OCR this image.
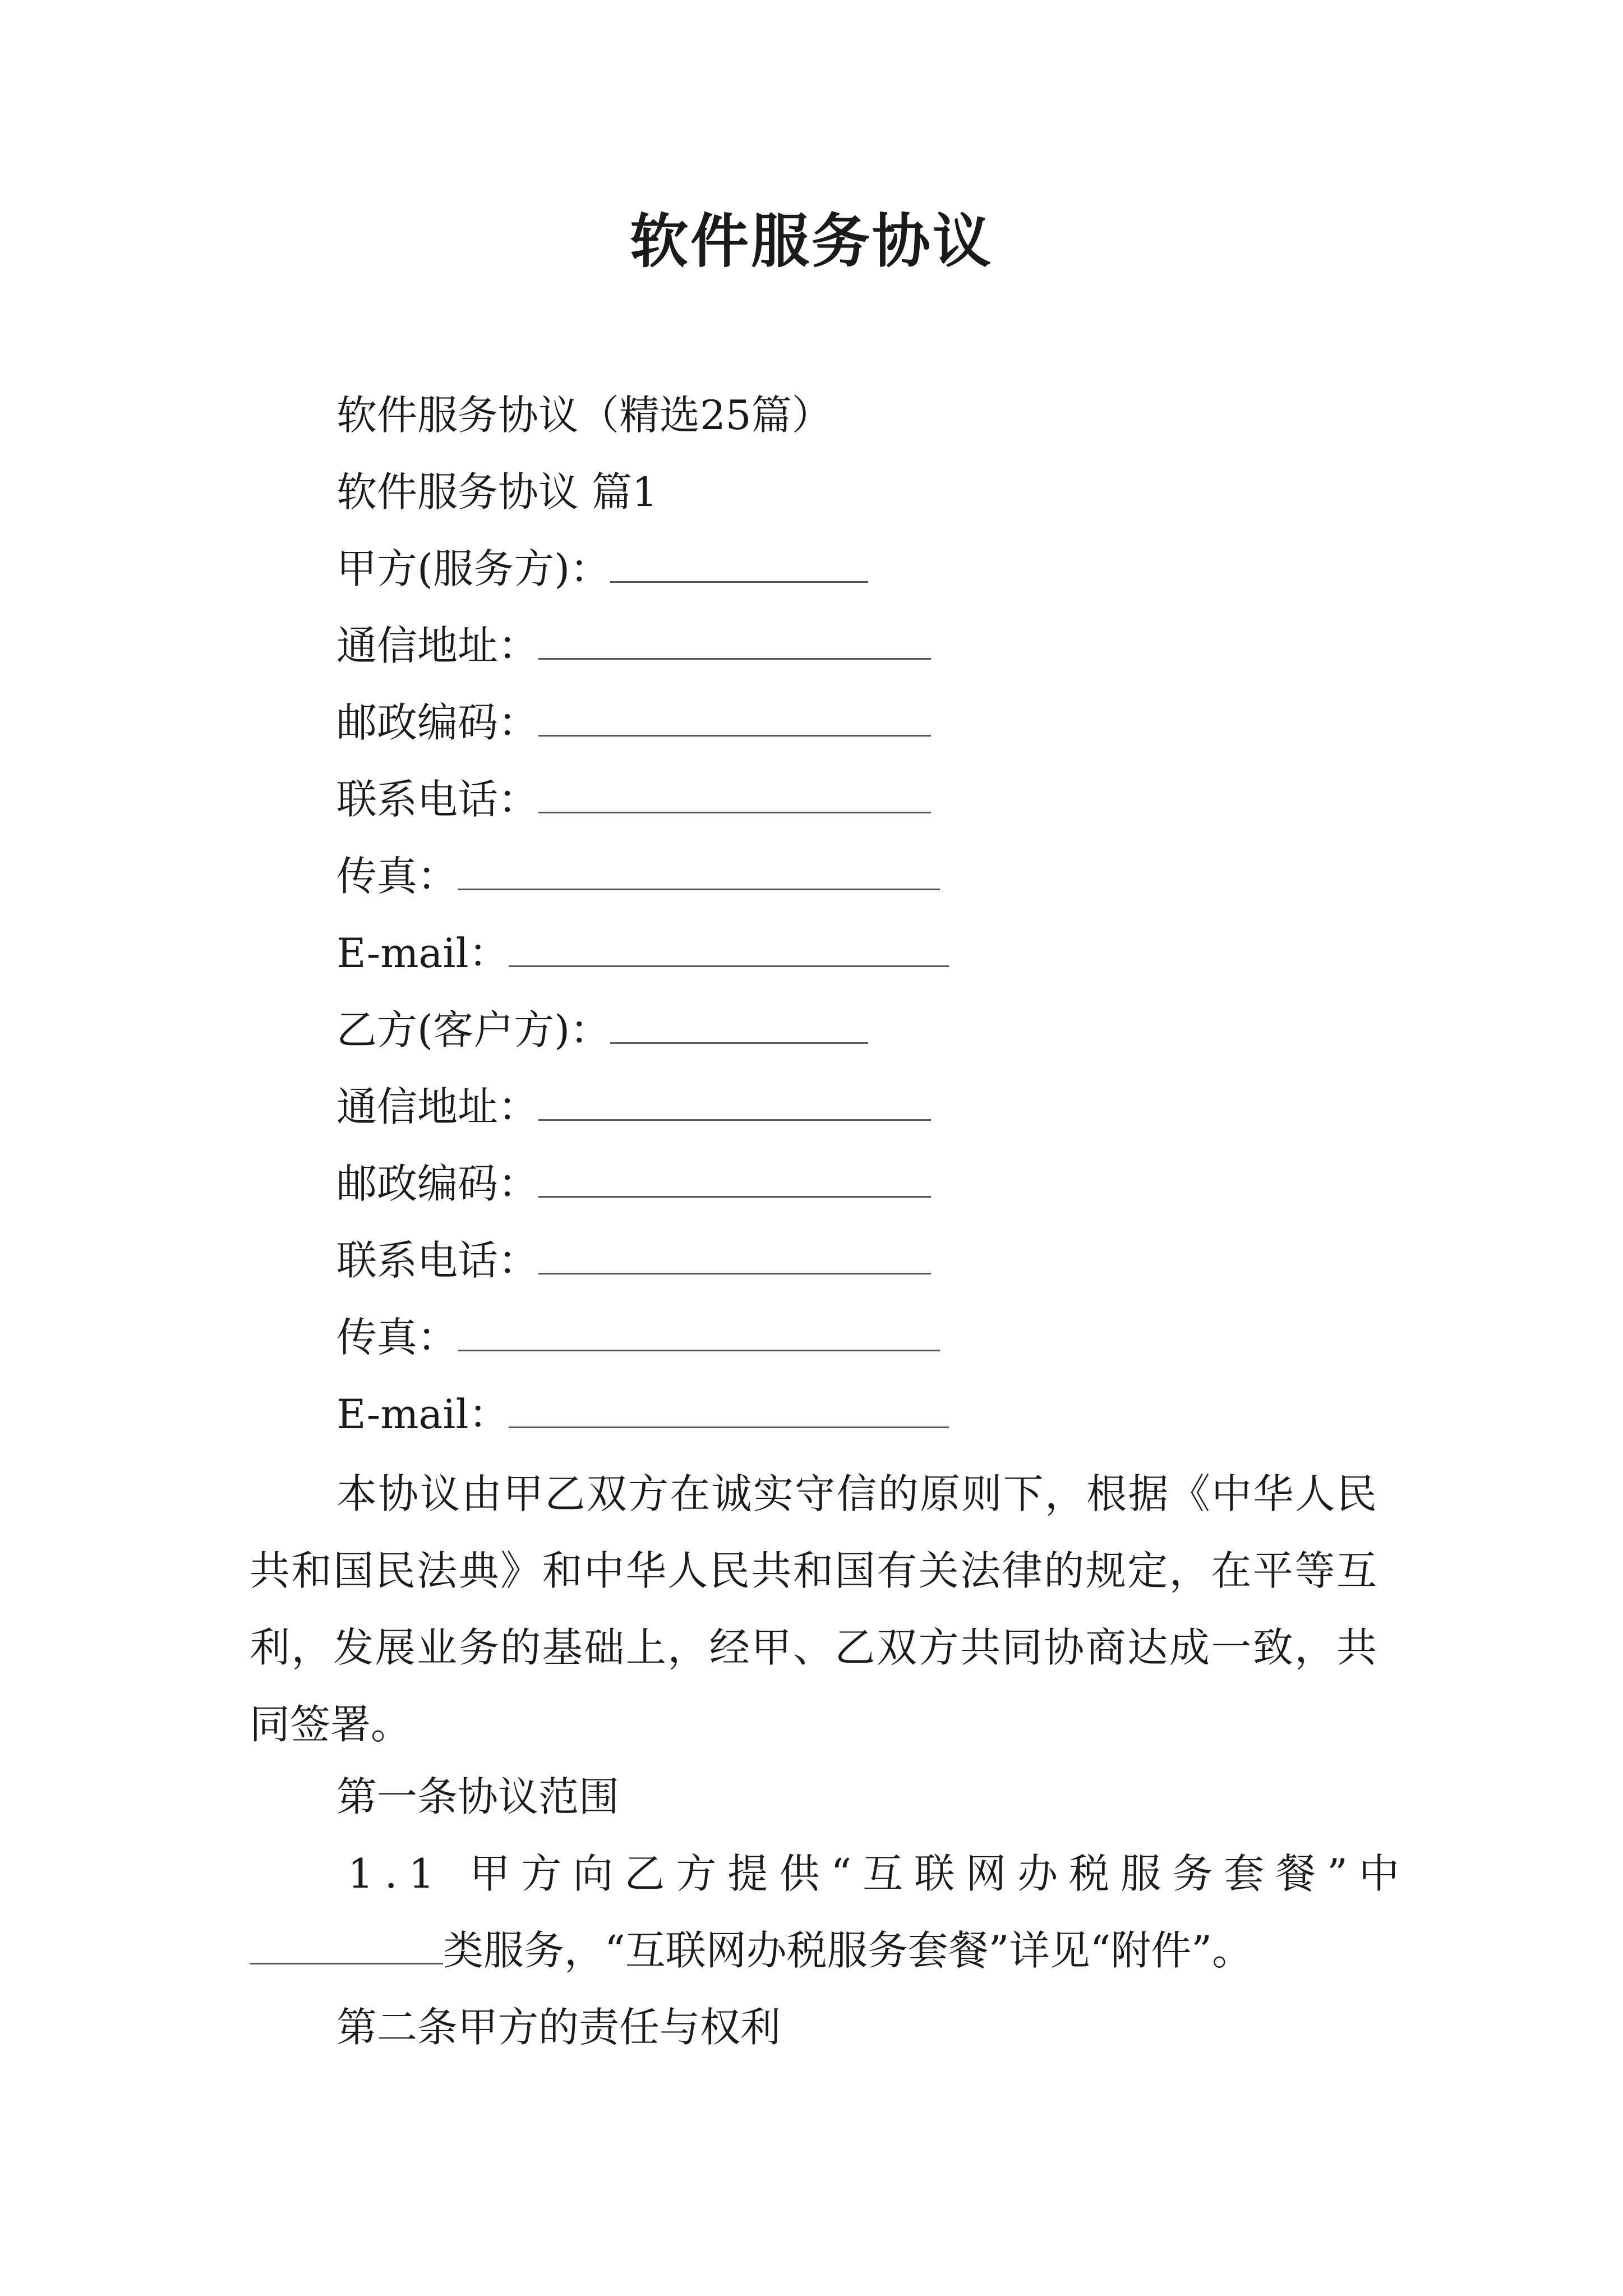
软件服务协议
软件服务协议（精选25篇）
软件服务协议 篇1
甲方(服务方)：
通信地址：
邮政编码：
联系电话：
传真：
E-mail：
乙方(客户方)：
通信地址：
邮政编码：
联系电话：
传真：
E-mail：
本协议由甲乙双方在诚实守信的原则下，根据《中华人民共和国民法典》和中华人民共和国有关法律的规定，在平等互利，发展业务的基础上，经甲、乙双方共同协商达成一致，共同签署。
第一条协议范围
1.1 甲方向乙方提供“互联网办税服务套餐”中
类服务，“互联网办税服务套餐”详见“附件”。
第二条甲方的责任与权利
